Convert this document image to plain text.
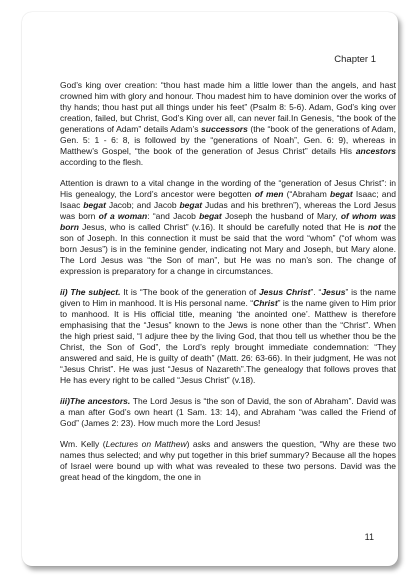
Chapter 1

God’s king over creation: “thou hast made him a little lower than the angels, and hast crowned him with glory and honour. Thou madest him to have dominion over the works of thy hands; thou hast put all things under his feet” (Psalm 8: 5-6). Adam, God’s king over creation, failed, but Christ, God’s King over all, can never fail.In Genesis, “the book of the generations of Adam” details Adam’s successors (the “book of the generations of Adam, Gen. 5: 1 - 6: 8, is followed by the “generations of Noah”, Gen. 6: 9), whereas in Matthew’s Gospel, “the book of the generation of Jesus Christ” details His ancestors according to the flesh.

Attention is drawn to a vital change in the wording of the “generation of Jesus Christ”: in His genealogy, the Lord’s ancestor were begotten of men (“Abraham begat Isaac; and Isaac begat Jacob; and Jacob begat Judas and his brethren”), whereas the Lord Jesus was born of a woman: “and Jacob begat Joseph the husband of Mary, of whom was born Jesus, who is called Christ” (v.16). It should be carefully noted that He is not the son of Joseph. In this connection it must be said that the word “whom” (“of whom was born Jesus”) is in the feminine gender, indicating not Mary and Joseph, but Mary alone. The Lord Jesus was “the Son of man”, but He was no man’s son. The change of expression is preparatory for a change in circumstances.

ii) The subject. It is “The book of the generation of Jesus Christ”. “Jesus” is the name given to Him in manhood. It is His personal name. “Christ” is the name given to Him prior to manhood. It is His official title, meaning ‘the anointed one’. Matthew is therefore emphasising that the “Jesus” known to the Jews is none other than the “Christ”. When the high priest said, “I adjure thee by the living God, that thou tell us whether thou be the Christ, the Son of God”, the Lord’s reply brought immediate condemnation: “They answered and said, He is guilty of death” (Matt. 26: 63-66). In their judgment, He was not “Jesus Christ”. He was just “Jesus of Nazareth”.The genealogy that follows proves that He has every right to be called “Jesus Christ” (v.18).

iii)The ancestors. The Lord Jesus is “the son of David, the son of Abraham”. David was a man after God’s own heart (1 Sam. 13: 14), and Abraham “was called the Friend of God” (James 2: 23). How much more the Lord Jesus!

Wm. Kelly (Lectures on Matthew) asks and answers the question, “Why are these two names thus selected; and why put together in this brief summary? Because all the hopes of Israel were bound up with what was revealed to these two persons. David was the great head of the kingdom, the one in

11
